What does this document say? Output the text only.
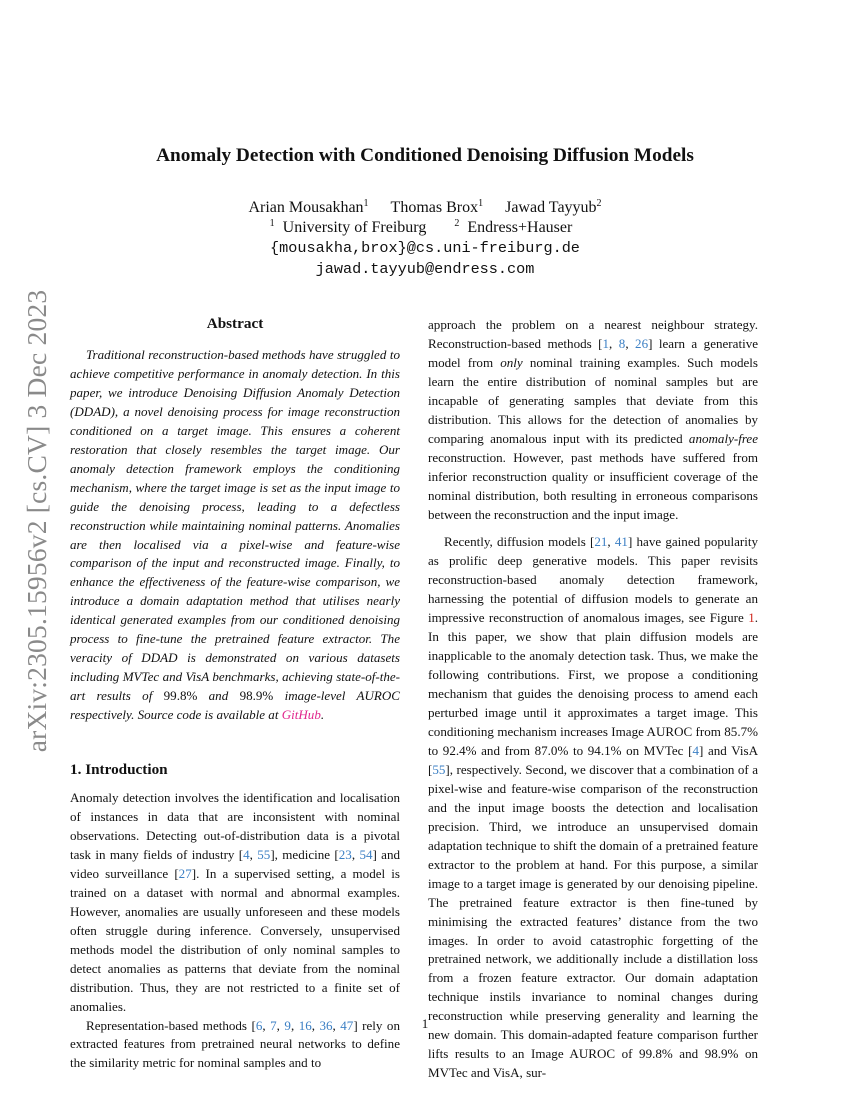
arXiv:2305.15956v2 [cs.CV] 3 Dec 2023
Anomaly Detection with Conditioned Denoising Diffusion Models
Arian Mousakhan$^1$ Thomas Brox$^1$ Jawad Tayyub$^2$
$^1$ University of Freiburg	$^2$ Endress+Hauser
{mousakha,brox}@cs.uni-freiburg.de
jawad.tayyub@endress.com
Abstract

Traditional reconstruction-based methods have struggled to achieve competitive performance in anomaly detection. In this paper, we introduce Denoising Diffusion Anomaly Detection (DDAD), a novel denoising process for image reconstruction conditioned on a target image. This ensures a coherent restoration that closely resembles the target image. Our anomaly detection framework employs the conditioning mechanism, where the target image is set as the input image to guide the denoising process, leading to a defectless reconstruction while maintaining nominal patterns. Anomalies are then localised via a pixel-wise and feature-wise comparison of the input and reconstructed image. Finally, to enhance the effectiveness of the feature-wise comparison, we introduce a domain adaptation method that utilises nearly identical generated examples from our conditioned denoising process to fine-tune the pretrained feature extractor. The veracity of DDAD is demonstrated on various datasets including MVTec and VisA benchmarks, achieving state-of-the-art results of 99.8% and 98.9% image-level AUROC respectively. Source code is available at GitHub.

1. Introduction

Anomaly detection involves the identification and localisation of instances in data that are inconsistent with nominal observations. Detecting out-of-distribution data is a pivotal task in many fields of industry [4, 55], medicine [23, 54] and video surveillance [27]. In a supervised setting, a model is trained on a dataset with normal and abnormal examples. However, anomalies are usually unforeseen and these models often struggle during inference. Conversely, unsupervised methods model the distribution of only nominal samples to detect anomalies as patterns that deviate from the nominal distribution. Thus, they are not restricted to a finite set of anomalies.

Representation-based methods [6, 7, 9, 16, 36, 47] rely on extracted features from pretrained neural networks to define the similarity metric for nominal samples and to

approach the problem on a nearest neighbour strategy. Reconstruction-based methods [1, 8, 26] learn a generative model from only nominal training examples. Such models learn the entire distribution of nominal samples but are incapable of generating samples that deviate from this distribution. This allows for the detection of anomalies by comparing anomalous input with its predicted anomaly-free reconstruction. However, past methods have suffered from inferior reconstruction quality or insufficient coverage of the nominal distribution, both resulting in erroneous comparisons between the reconstruction and the input image.

Recently, diffusion models [21, 41] have gained popularity as prolific deep generative models. This paper revisits reconstruction-based anomaly detection framework, harnessing the potential of diffusion models to generate an impressive reconstruction of anomalous images, see Figure 1. In this paper, we show that plain diffusion models are inapplicable to the anomaly detection task. Thus, we make the following contributions. First, we propose a conditioning mechanism that guides the denoising process to amend each perturbed image until it approximates a target image. This conditioning mechanism increases Image AUROC from 85.7% to 92.4% and from 87.0% to 94.1% on MVTec [4] and VisA [55], respectively. Second, we discover that a combination of a pixel-wise and feature-wise comparison of the reconstruction and the input image boosts the detection and localisation precision. Third, we introduce an unsupervised domain adaptation technique to shift the domain of a pretrained feature extractor to the problem at hand. For this purpose, a similar image to a target image is generated by our denoising pipeline. The pretrained feature extractor is then fine-tuned by minimising the extracted features’ distance from the two images. In order to avoid catastrophic forgetting of the pretrained network, we additionally include a distillation loss from a frozen feature extractor. Our domain adaptation technique instils invariance to nominal changes during reconstruction while preserving generality and learning the new domain. This domain-adapted feature comparison further lifts results to an Image AUROC of 99.8% and 98.9% on MVTec and VisA, sur-

1
